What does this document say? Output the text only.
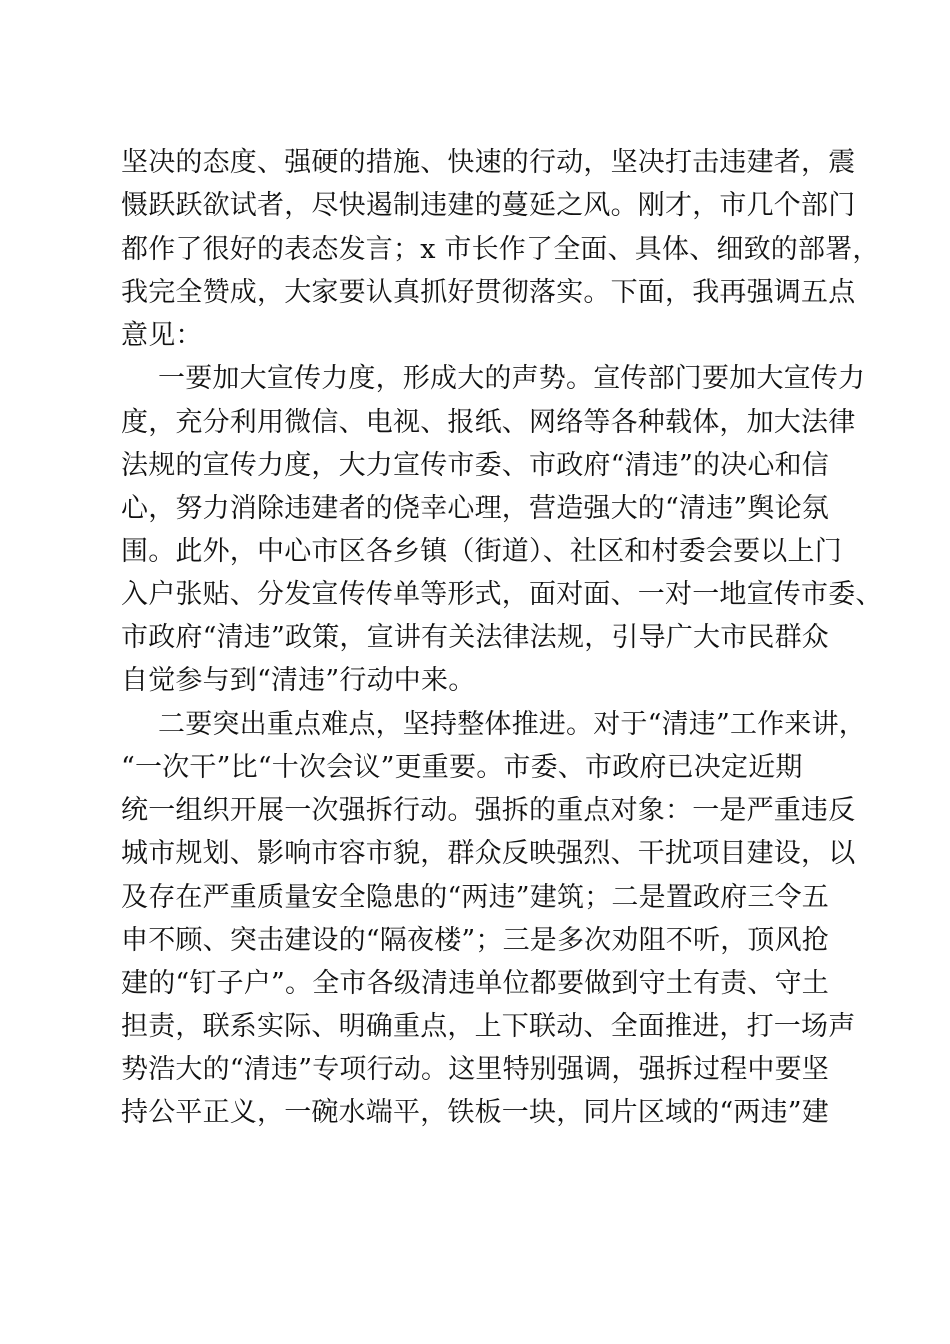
坚决的态度、强硬的措施、快速的行动，坚决打击违建者，震
慑跃跃欲试者，尽快遏制违建的蔓延之风。刚才，市几个部门
都作了很好的表态发言；x 市长作了全面、具体、细致的部署，
我完全赞成，大家要认真抓好贯彻落实。下面，我再强调五点
意见：
一要加大宣传力度，形成大的声势。宣传部门要加大宣传力
度，充分利用微信、电视、报纸、网络等各种载体，加大法律
法规的宣传力度，大力宣传市委、市政府“清违”的决心和信
心，努力消除违建者的侥幸心理，营造强大的“清违”舆论氛
围。此外，中心市区各乡镇（街道）、社区和村委会要以上门
入户张贴、分发宣传传单等形式，面对面、一对一地宣传市委、
市政府“清违”政策，宣讲有关法律法规，引导广大市民群众
自觉参与到“清违”行动中来。
二要突出重点难点，坚持整体推进。对于“清违”工作来讲，
“一次干”比“十次会议”更重要。市委、市政府已决定近期
统一组织开展一次强拆行动。强拆的重点对象：一是严重违反
城市规划、影响市容市貌，群众反映强烈、干扰项目建设，以
及存在严重质量安全隐患的“两违”建筑；二是置政府三令五
申不顾、突击建设的“隔夜楼”；三是多次劝阻不听，顶风抢
建的“钉子户”。全市各级清违单位都要做到守土有责、守土
担责，联系实际、明确重点，上下联动、全面推进，打一场声
势浩大的“清违”专项行动。这里特别强调，强拆过程中要坚
持公平正义，一碗水端平，铁板一块，同片区域的“两违”建
